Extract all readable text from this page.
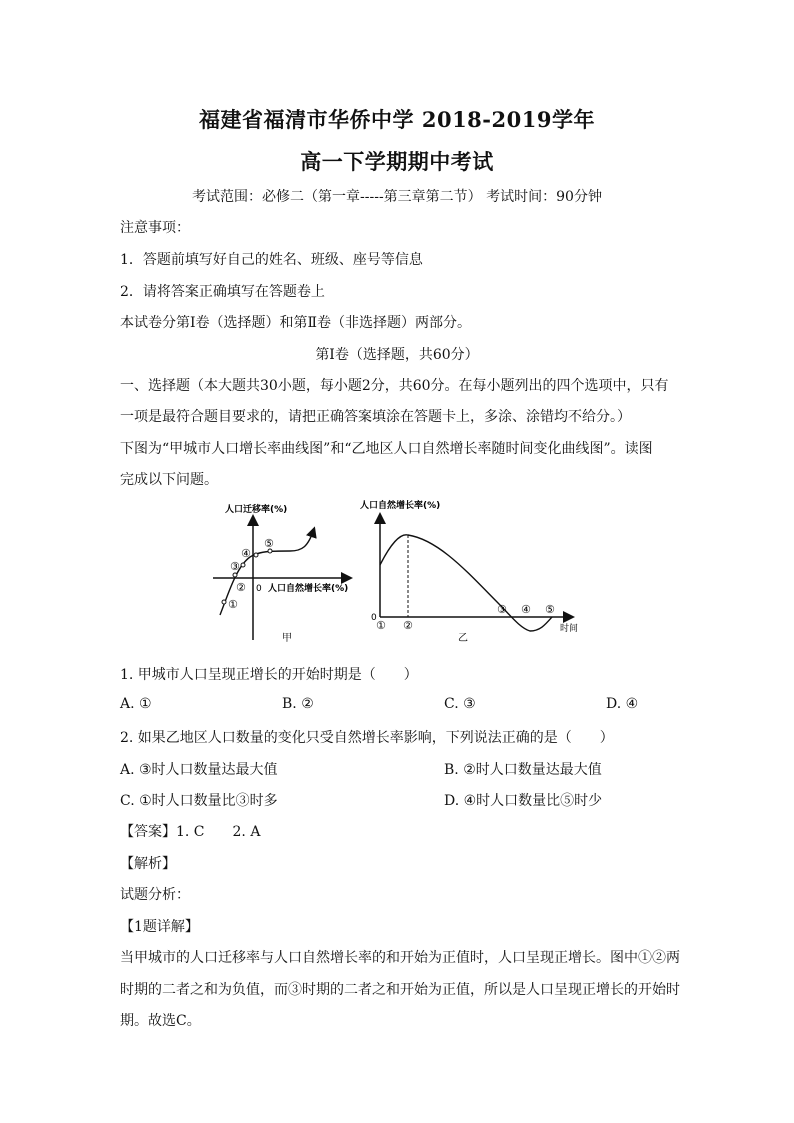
福建省福清市华侨中学 2018-2019学年
高一下学期期中考试
考试范围：必修二（第一章-----第三章第二节） 考试时间：90分钟
注意事项：
1．答题前填写好自己的姓名、班级、座号等信息
2．请将答案正确填写在答题卷上
本试卷分第Ⅰ卷（选择题）和第Ⅱ卷（非选择题）两部分。
第Ⅰ卷（选择题，共60分）
一、选择题（本大题共30小题，每小题2分，共60分。在每小题列出的四个选项中，只有
一项是最符合题目要求的，请把正确答案填涂在答题卡上，多涂、涂错均不给分。）
下图为“甲城市人口增长率曲线图”和“乙地区人口自然增长率随时间变化曲线图”。读图
完成以下问题。
人口迁移率(%)
人口自然增长率(%)
0
①
②
③
④
⑤
甲
人口自然增长率(%)
时间
0
① ②
③ ④ ⑤
乙
1. 甲城市人口呈现正增长的开始时期是（　　）
A. ①	B. ②	C. ③	D. ④
2. 如果乙地区人口数量的变化只受自然增长率影响，下列说法正确的是（　　）
A. ③时人口数量达最大值	B. ②时人口数量达最大值
C. ①时人口数量比③时多	D. ④时人口数量比⑤时少
【答案】1. C　　2. A
【解析】
试题分析：
【1题详解】
当甲城市的人口迁移率与人口自然增长率的和开始为正值时，人口呈现正增长。图中①②两
时期的二者之和为负值，而③时期的二者之和开始为正值，所以是人口呈现正增长的开始时
期。故选C。
